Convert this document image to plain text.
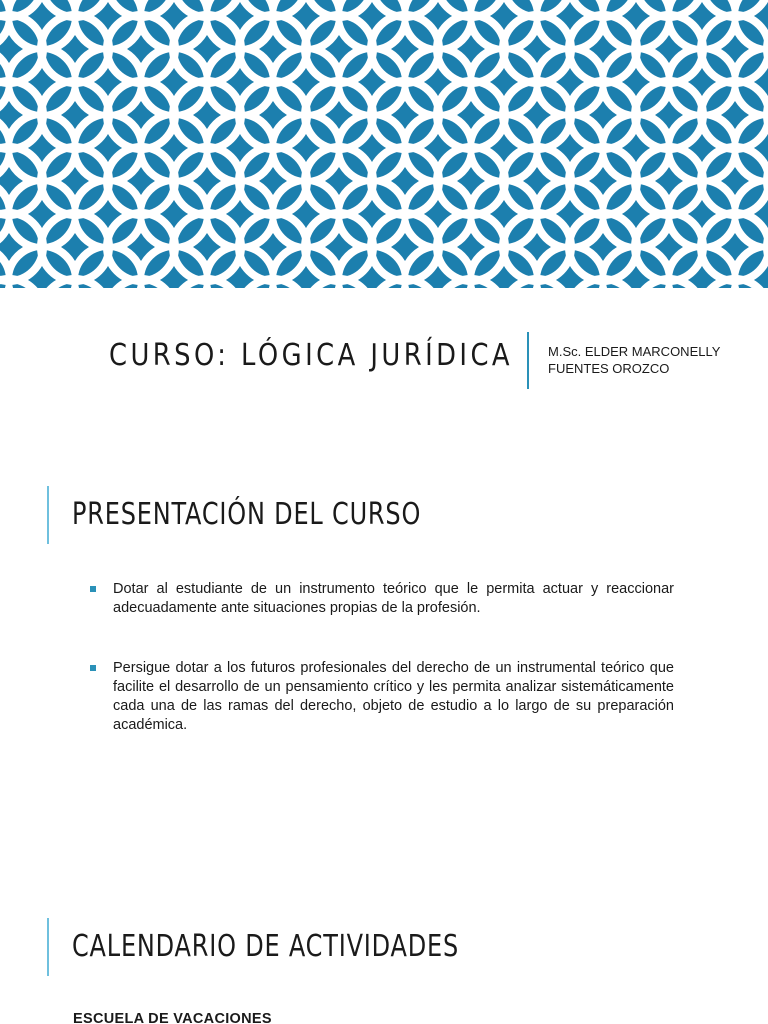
CURSO: LÓGICA JURÍDICA	M.Sc. ELDER MARCONELLY
FUENTES OROZCO
PRESENTACIÓN DEL CURSO
Dotar al estudiante de un instrumento teórico que le permita actuar y reaccionar adecuadamente ante situaciones propias de la profesión.
Persigue dotar a los futuros profesionales del derecho de un instrumental teórico que facilite el desarrollo de un pensamiento crítico y les permita analizar sistemáticamente cada una de las ramas del derecho, objeto de estudio a lo largo de su preparación académica.
CALENDARIO DE ACTIVIDADES

ESCUELA DE VACACIONES
